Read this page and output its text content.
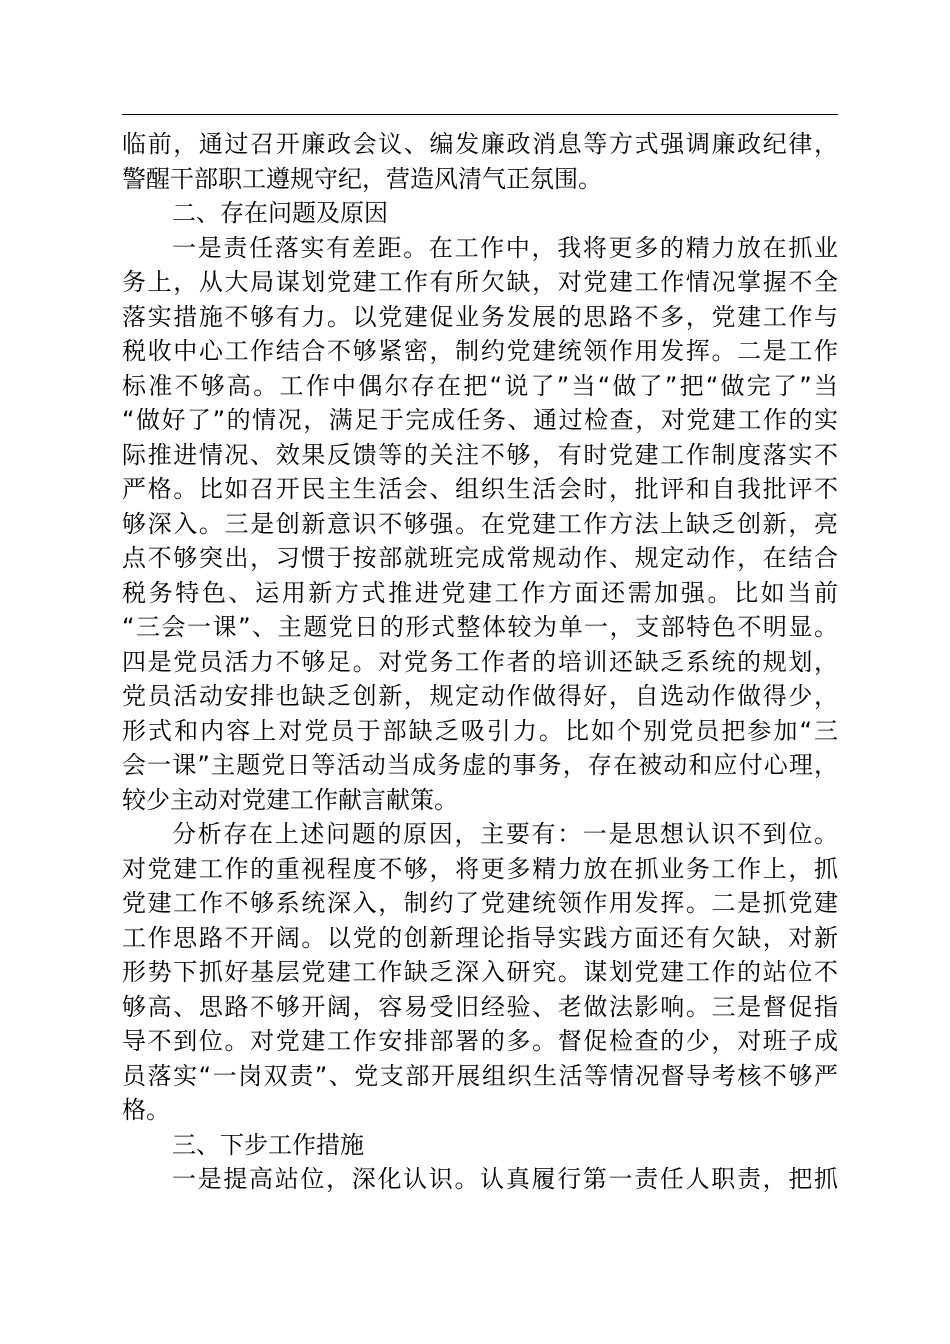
临前，通过召开廉政会议、编发廉政消息等方式强调廉政纪律，
警醒干部职工遵规守纪，营造风清气正氛围。
二、存在问题及原因
一是责任落实有差距。在工作中，我将更多的精力放在抓业
务上，从大局谋划党建工作有所欠缺，对党建工作情况掌握不全
落实措施不够有力。以党建促业务发展的思路不多，党建工作与
税收中心工作结合不够紧密，制约党建统领作用发挥。二是工作
标准不够高。工作中偶尔存在把“说了”当“做了”把“做完了”当
“做好了”的情况，满足于完成任务、通过检查，对党建工作的实
际推进情况、效果反馈等的关注不够，有时党建工作制度落实不
严格。比如召开民主生活会、组织生活会时，批评和自我批评不
够深入。三是创新意识不够强。在党建工作方法上缺乏创新，亮
点不够突出，习惯于按部就班完成常规动作、规定动作，在结合
税务特色、运用新方式推进党建工作方面还需加强。比如当前
“三会一课”、主题党日的形式整体较为单一，支部特色不明显。
四是党员活力不够足。对党务工作者的培训还缺乏系统的规划，
党员活动安排也缺乏创新，规定动作做得好，自选动作做得少，
形式和内容上对党员于部缺乏吸引力。比如个别党员把参加“三
会一课”主题党日等活动当成务虚的事务，存在被动和应付心理，
较少主动对党建工作献言献策。
分析存在上述问题的原因，主要有：一是思想认识不到位。
对党建工作的重视程度不够，将更多精力放在抓业务工作上，抓
党建工作不够系统深入，制约了党建统领作用发挥。二是抓党建
工作思路不开阔。以党的创新理论指导实践方面还有欠缺，对新
形势下抓好基层党建工作缺乏深入研究。谋划党建工作的站位不
够高、思路不够开阔，容易受旧经验、老做法影响。三是督促指
导不到位。对党建工作安排部署的多。督促检查的少，对班子成
员落实“一岗双责”、党支部开展组织生活等情况督导考核不够严
格。
三、下步工作措施
一是提高站位，深化认识。认真履行第一责任人职责，把抓
